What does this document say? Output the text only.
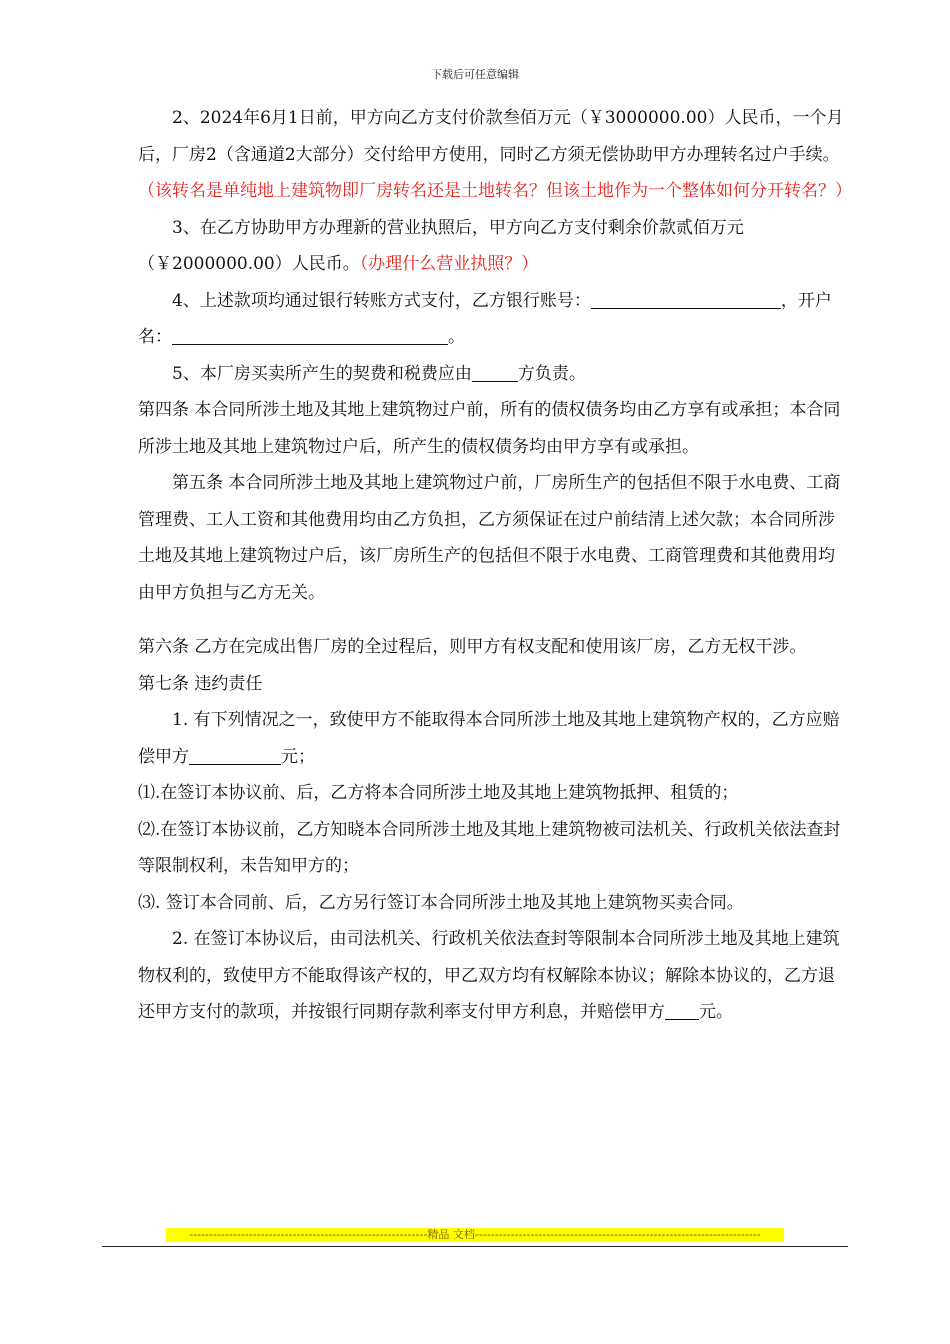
下载后可任意编辑

2、2024年6月1日前，甲方向乙方支付价款叁佰万元（￥3000000.00）人民币，一个月后，厂房2（含通道2大部分）交付给甲方使用，同时乙方须无偿协助甲方办理转名过户手续。（该转名是单纯地上建筑物即厂房转名还是土地转名？但该土地作为一个整体如何分开转名？）

3、在乙方协助甲方办理新的营业执照后，甲方向乙方支付剩余价款贰佰万元（￥2000000.00）人民币。（办理什么营业执照？）

4、上述款项均通过银行转账方式支付，乙方银行账号：	，开户名：	。

5、本厂房买卖所产生的契费和税费应由	方负责。

第四条 本合同所涉土地及其地上建筑物过户前，所有的债权债务均由乙方享有或承担；本合同所涉土地及其地上建筑物过户后，所产生的债权债务均由甲方享有或承担。

第五条 本合同所涉土地及其地上建筑物过户前，厂房所生产的包括但不限于水电费、工商管理费、工人工资和其他费用均由乙方负担，乙方须保证在过户前结清上述欠款；本合同所涉土地及其地上建筑物过户后，该厂房所生产的包括但不限于水电费、工商管理费和其他费用均由甲方负担与乙方无关。

第六条 乙方在完成出售厂房的全过程后，则甲方有权支配和使用该厂房，乙方无权干涉。

第七条 违约责任

1. 有下列情况之一，致使甲方不能取得本合同所涉土地及其地上建筑物产权的，乙方应赔偿甲方	元；

⑴.在签订本协议前、后，乙方将本合同所涉土地及其地上建筑物抵押、租赁的；

⑵.在签订本协议前，乙方知晓本合同所涉土地及其地上建筑物被司法机关、行政机关依法查封等限制权利，未告知甲方的；

⑶. 签订本合同前、后，乙方另行签订本合同所涉土地及其地上建筑物买卖合同。

2. 在签订本协议后，由司法机关、行政机关依法查封等限制本合同所涉土地及其地上建筑物权利的，致使甲方不能取得该产权的，甲乙双方均有权解除本协议；解除本协议的，乙方退还甲方支付的款项，并按银行同期存款利率支付甲方利息，并赔偿甲方 元。

------------------------------------------------------------精品 文档------------------------------------------------------------------------
